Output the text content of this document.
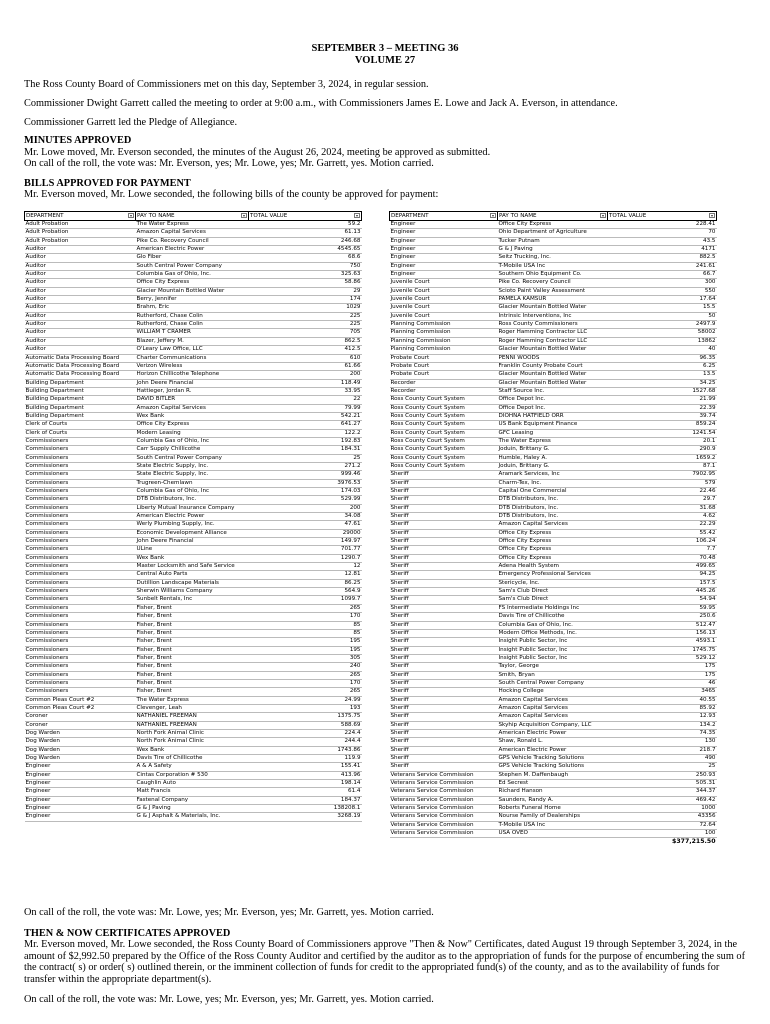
SEPTEMBER 3 – MEETING 36
VOLUME 27
The Ross County Board of Commissioners met on this day, September 3, 2024, in regular session.
Commissioner Dwight Garrett called the meeting to order at 9:00 a.m., with Commissioners James E. Lowe and Jack A. Everson, in attendance.
Commissioner Garrett led the Pledge of Allegiance.
MINUTES APPROVED
Mr. Lowe moved, Mr. Everson seconded, the minutes of the August 26, 2024, meeting be approved as submitted.
On call of the roll, the vote was: Mr. Everson, yes; Mr. Lowe, yes; Mr. Garrett, yes. Motion carried.
BILLS APPROVED FOR PAYMENT
Mr. Everson moved, Mr. Lowe seconded, the following bills of the county be approved for payment:
DEPARTMENT ▾	PAY TO NAME ▾	TOTAL VALUE ▾

Adult Probation	The Water Express	59.2
Adult Probation	Amazon Capital Services	61.13
Adult Probation	Pike Co. Recovery Council	246.68
Auditor	American Electric Power	4545.65
Auditor	Glo Fiber	68.6
Auditor	South Central Power Company	750
Auditor	Columbia Gas of Ohio, Inc.	325.63
Auditor	Office City Express	58.86
Auditor	Glacier Mountain Bottled Water	29
Auditor	Berry, Jennifer	174
Auditor	Brahm, Eric	1029
Auditor	Rutherford, Chase Colin	225
Auditor	Rutherford, Chase Colin	225
Auditor	WILLIAM T CRAMER	705
Auditor	Blazer, Jeffery M.	862.5
Auditor	O'Leary Law Office, LLC	412.5
Automatic Data Processing Board	Charter Communications	610
Automatic Data Processing Board	Verizon Wireless	61.66
Automatic Data Processing Board	Horizon Chillicothe Telephone	200
Building Department	John Deere Financial	118.49
Building Department	Hattieger, Jordan R.	33.95
Building Department	DAVID BITLER	22
Building Department	Amazon Capital Services	79.99
Building Department	Wex Bank	542.21
Clerk of Courts	Office City Express	641.27
Clerk of Courts	Modern Leasing	122.2
Commissioners	Columbia Gas of Ohio, Inc	192.83
Commissioners	Carr Supply Chillicothe	184.31
Commissioners	South Central Power Company	25
Commissioners	State Electric Supply, Inc.	271.2
Commissioners	State Electric Supply, Inc.	999.46
Commissioners	Trugreen-Chemlawn	3976.53
Commissioners	Columbia Gas of Ohio, Inc	174.03
Commissioners	DTB Distributors, Inc.	529.99
Commissioners	Liberty Mutual Insurance Company	200
Commissioners	American Electric Power	34.08
Commissioners	Werly Plumbing Supply, Inc.	47.61
Commissioners	Economic Development Alliance	29000
Commissioners	John Deere Financial	149.97
Commissioners	ULine	701.77
Commissioners	Wex Bank	1290.7
Commissioners	Master Locksmith and Safe Service	12
Commissioners	Central Auto Parts	12.81
Commissioners	Dutillion Landscape Materials	86.25
Commissioners	Sherwin Williams Company	564.9
Commissioners	Sunbelt Rentals, Inc	1099.7
Commissioners	Fisher, Brent	265
Commissioners	Fisher, Brent	170
Commissioners	Fisher, Brent	85
Commissioners	Fisher, Brent	85
Commissioners	Fisher, Brent	195
Commissioners	Fisher, Brent	195
Commissioners	Fisher, Brent	305
Commissioners	Fisher, Brent	240
Commissioners	Fisher, Brent	265
Commissioners	Fisher, Brent	170
Commissioners	Fisher, Brent	265
Common Pleas Court #2	The Water Express	24.99
Common Pleas Court #2	Clevenger, Leah	193
Coroner	NATHANIEL FREEMAN	1375.75
Coroner	NATHANIEL FREEMAN	588.69
Dog Warden	North Fork Animal Clinic	224.4
Dog Warden	North Fork Animal Clinic	244.4
Dog Warden	Wex Bank	1743.86
Dog Warden	Davis Tire of Chillicothe	119.9
Engineer	A & A Safety	155.41
Engineer	Cintas Corporation # 530	413.96
Engineer	Caughlin Auto	198.14
Engineer	Matt Francis	61.4
Engineer	Fastenal Company	184.37
Engineer	G & J Paving	138208.1
Engineer	G & J Asphalt & Materials, Inc.	3268.19
DEPARTMENT ▾	PAY TO NAME ▾	TOTAL VALUE ▾

Engineer	Office City Express	228.41
Engineer	Ohio Department of Agriculture	70
Engineer	Tucker Putnam	43.5
Engineer	G & J Paving	4171
Engineer	Seitz Trucking, Inc.	882.5
Engineer	T-Mobile USA Inc	241.61
Engineer	Southern Ohio Equipment Co.	66.7
Juvenile Court	Pike Co. Recovery Council	300
Juvenile Court	Scioto Paint Valley Assessment	550
Juvenile Court	PAMELA KAMSUR	17.64
Juvenile Court	Glacier Mountain Bottled Water	15.5
Juvenile Court	Intrinsic Interventions, Inc	50
Planning Commission	Ross County Commissioners	2497.9
Planning Commission	Roger Hamming Contractor LLC	58002
Planning Commission	Roger Hamming Contractor LLC	13862
Planning Commission	Glacier Mountain Bottled Water	40
Probate Court	PENNI WOODS	96.35
Probate Court	Franklin County Probate Court	6.25
Probate Court	Glacier Mountain Bottled Water	13.5
Recorder	Glacier Mountain Bottled Water	34.25
Recorder	Staff Source Inc.	1527.68
Ross County Court System	Office Depot Inc.	21.99
Ross County Court System	Office Depot Inc.	22.39
Ross County Court System	DIOHNA HATFIELD ORR	39.74
Ross County Court System	US Bank Equipment Finance	859.24
Ross County Court System	GFC Leasing	1241.54
Ross County Court System	The Water Express	20.1
Ross County Court System	Joduin, Brittany G.	290.9
Ross County Court System	Humble, Haley A.	1659.2
Ross County Court System	Joduin, Brittany G.	87.1
Sheriff	Aramark Services, Inc	7902.95
Sheriff	Charm-Tex, Inc.	579
Sheriff	Capital One Commercial	22.46
Sheriff	DTB Distributors, Inc.	29.7
Sheriff	DTB Distributors, Inc.	31.68
Sheriff	DTB Distributors, Inc.	4.62
Sheriff	Amazon Capital Services	22.29
Sheriff	Office City Express	55.42
Sheriff	Office City Express	106.24
Sheriff	Office City Express	7.7
Sheriff	Office City Express	70.48
Sheriff	Adena Health System	499.65
Sheriff	Emergency Professional Services	94.25
Sheriff	Stericycle, Inc.	157.5
Sheriff	Sam's Club Direct	445.26
Sheriff	Sam's Club Direct	54.94
Sheriff	FS Intermediate Holdings Inc	59.95
Sheriff	Davis Tire of Chillicothe	250.6
Sheriff	Columbia Gas of Ohio, Inc.	512.47
Sheriff	Modern Office Methods, Inc.	156.13
Sheriff	Insight Public Sector, Inc	4593.1
Sheriff	Insight Public Sector, Inc	1745.75
Sheriff	Insight Public Sector, Inc	529.12
Sheriff	Taylor, George	175
Sheriff	Smith, Bryan	175
Sheriff	South Central Power Company	46
Sheriff	Hocking College	3465
Sheriff	Amazon Capital Services	40.55
Sheriff	Amazon Capital Services	85.92
Sheriff	Amazon Capital Services	12.93
Sheriff	Skyhip Acquisition Company, LLC	134.2
Sheriff	American Electric Power	74.35
Sheriff	Shaw, Ronald L.	130
Sheriff	American Electric Power	218.7
Sheriff	GPS Vehicle Tracking Solutions	490
Sheriff	GPS Vehicle Tracking Solutions	25
Veterans Service Commission	Stephen M. Daffenbaugh	250.93
Veterans Service Commission	Ed Secrest	505.31
Veterans Service Commission	Richard Hanson	344.37
Veterans Service Commission	Saunders, Randy A.	469.42
Veterans Service Commission	Roberts Funeral Home	1000
Veterans Service Commission	Nourse Family of Dealerships	43356
Veterans Service Commission	T-Mobile USA Inc	72.64
Veterans Service Commission	USA OVEO	100
		$377,215.50
On call of the roll, the vote was: Mr. Lowe, yes; Mr. Everson, yes; Mr. Garrett, yes. Motion carried.
THEN & NOW CERTIFICATES APPROVED
Mr. Everson moved, Mr. Lowe seconded, the Ross County Board of Commissioners approve "Then & Now" Certificates, dated August 19 through September 3, 2024, in the amount of $2,992.50 prepared by the Office of the Ross County Auditor and certified by the auditor as to the appropriation of funds for the purpose of encumbering the sum of the contract( s) or order( s) outlined therein, or the imminent collection of funds for credit to the appropriated fund(s) of the county, and as to the availability of funds for transfer within the appropriate department(s).
On call of the roll, the vote was: Mr. Lowe, yes; Mr. Everson, yes; Mr. Garrett, yes. Motion carried.
